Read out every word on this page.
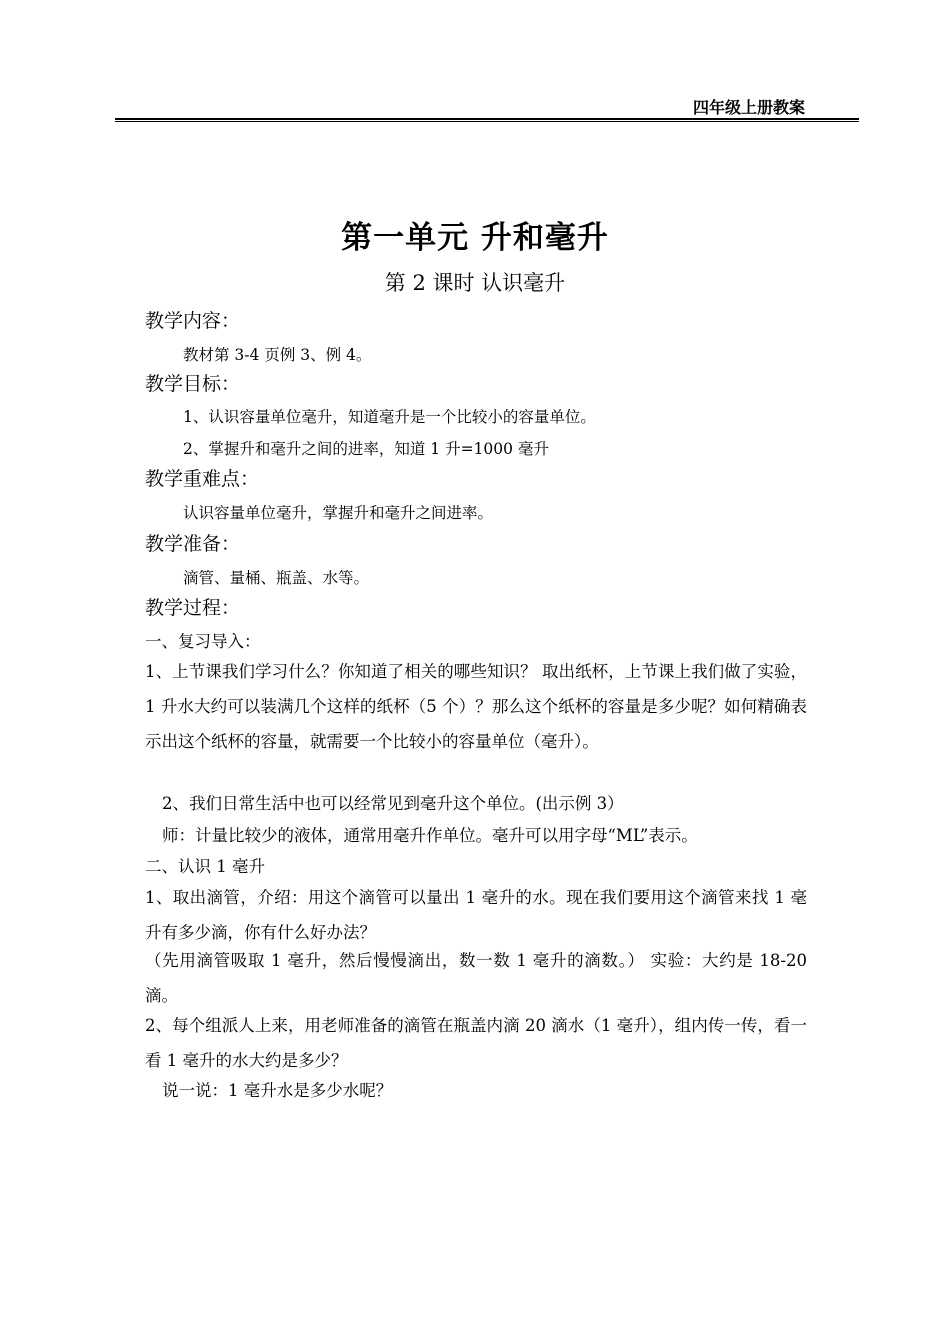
四年级上册教案
第一单元 升和毫升
第 2 课时 认识毫升
教学内容：
教材第 3-4 页例 3、例 4。
教学目标：
1、认识容量单位毫升，知道毫升是一个比较小的容量单位。
2、掌握升和毫升之间的进率，知道 1 升=1000 毫升
教学重难点：
认识容量单位毫升，掌握升和毫升之间进率。
教学准备：
滴管、量桶、瓶盖、水等。
教学过程：
一、复习导入：
1、上节课我们学习什么？你知道了相关的哪些知识？ 取出纸杯，上节课上我们做了实验，1 升水大约可以装满几个这样的纸杯（5 个）？那么这个纸杯的容量是多少呢？如何精确表示出这个纸杯的容量，就需要一个比较小的容量单位（毫升）。
2、我们日常生活中也可以经常见到毫升这个单位。(出示例 3）
师：计量比较少的液体，通常用毫升作单位。毫升可以用字母“ML”表示。
二、认识 1 毫升
1、取出滴管，介绍：用这个滴管可以量出 1 毫升的水。现在我们要用这个滴管来找 1 毫升有多少滴，你有什么好办法？
（先用滴管吸取 1 毫升，然后慢慢滴出，数一数 1 毫升的滴数。） 实验：大约是 18-20 滴。
2、每个组派人上来，用老师准备的滴管在瓶盖内滴 20 滴水（1 毫升），组内传一传，看一看 1 毫升的水大约是多少？
说一说：1 毫升水是多少水呢？
